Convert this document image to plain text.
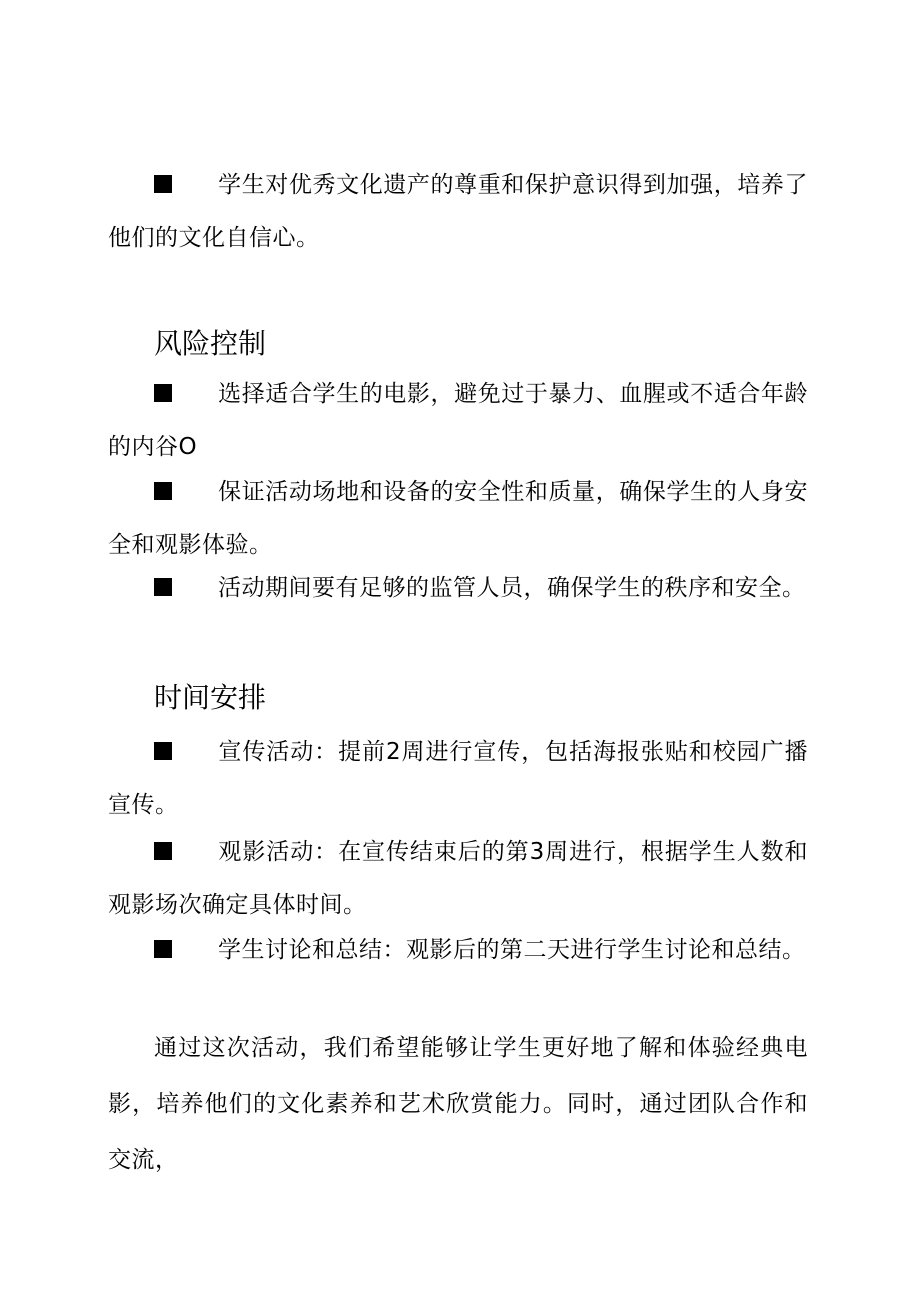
学生对优秀文化遗产的尊重和保护意识得到加强，培养了他们的文化自信心。
风险控制
选择适合学生的电影，避免过于暴力、血腥或不适合年龄的内谷O
保证活动场地和设备的安全性和质量，确保学生的人身安全和观影体验。
活动期间要有足够的监管人员，确保学生的秩序和安全。
时间安排
宣传活动：提前2周进行宣传，包括海报张贴和校园广播宣传。
观影活动：在宣传结束后的第3周进行，根据学生人数和观影场次确定具体时间。
学生讨论和总结：观影后的第二天进行学生讨论和总结。

通过这次活动，我们希望能够让学生更好地了解和体验经典电影，培养他们的文化素养和艺术欣赏能力。同时，通过团队合作和交流，
